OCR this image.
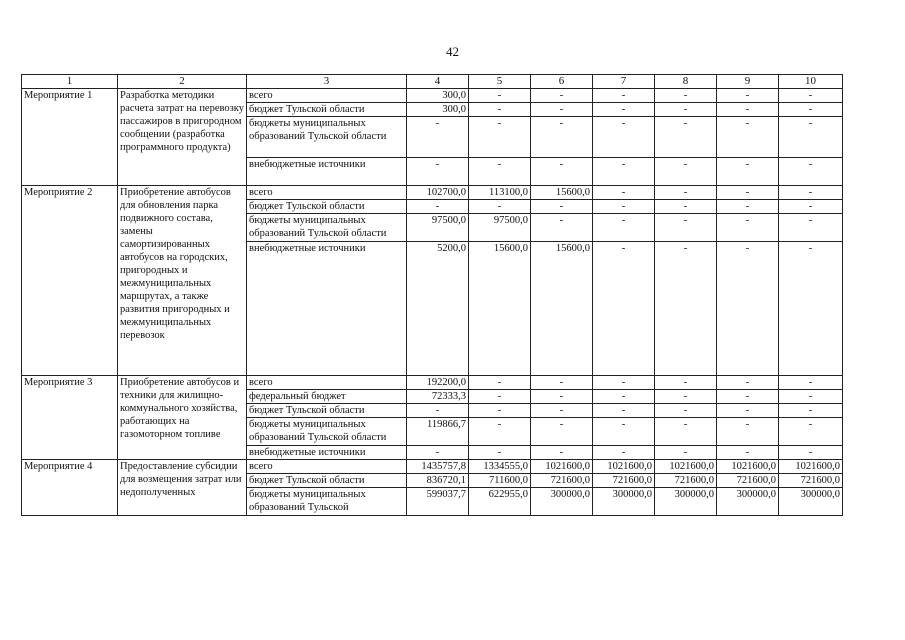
42
1	2	3	4	5	6	7	8	9	10
Мероприятие 1	Разработка методики расчета затрат на перевозку пассажиров в пригородном сообщении (разработка программного продукта)	всего	300,0	-	-	-	-	-	-
		бюджет Тульской области	300,0	-	-	-	-	-	-
		бюджеты муниципальных образований Тульской области	-	-	-	-	-	-	-
		внебюджетные источники	-	-	-	-	-	-	-
Мероприятие 2	Приобретение автобусов для обновления парка подвижного состава, замены самортизированных автобусов на городских, пригородных и межмуниципальных маршрутах, а также развития пригородных и межмуниципальных перевозок	всего	102700,0	113100,0	15600,0	-	-	-	-
		бюджет Тульской области	-	-	-	-	-	-	-
		бюджеты муниципальных образований Тульской области	97500,0	97500,0	-	-	-	-	-
		внебюджетные источники	5200,0	15600,0	15600,0	-	-	-	-
Мероприятие 3	Приобретение автобусов и техники для жилищно-коммунального хозяйства, работающих на газомоторном топливе	всего	192200,0	-	-	-	-	-	-
		федеральный бюджет	72333,3	-	-	-	-	-	-
		бюджет Тульской области	-	-	-	-	-	-	-
		бюджеты муниципальных образований Тульской области	119866,7	-	-	-	-	-	-
		внебюджетные источники	-	-	-	-	-	-	-
Мероприятие 4	Предоставление субсидии для возмещения затрат или недополученных	всего	1435757,8	1334555,0	1021600,0	1021600,0	1021600,0	1021600,0	1021600,0
		бюджет Тульской области	836720,1	711600,0	721600,0	721600,0	721600,0	721600,0	721600,0
		бюджеты муниципальных образований Тульской	599037,7	622955,0	300000,0	300000,0	300000,0	300000,0	300000,0
